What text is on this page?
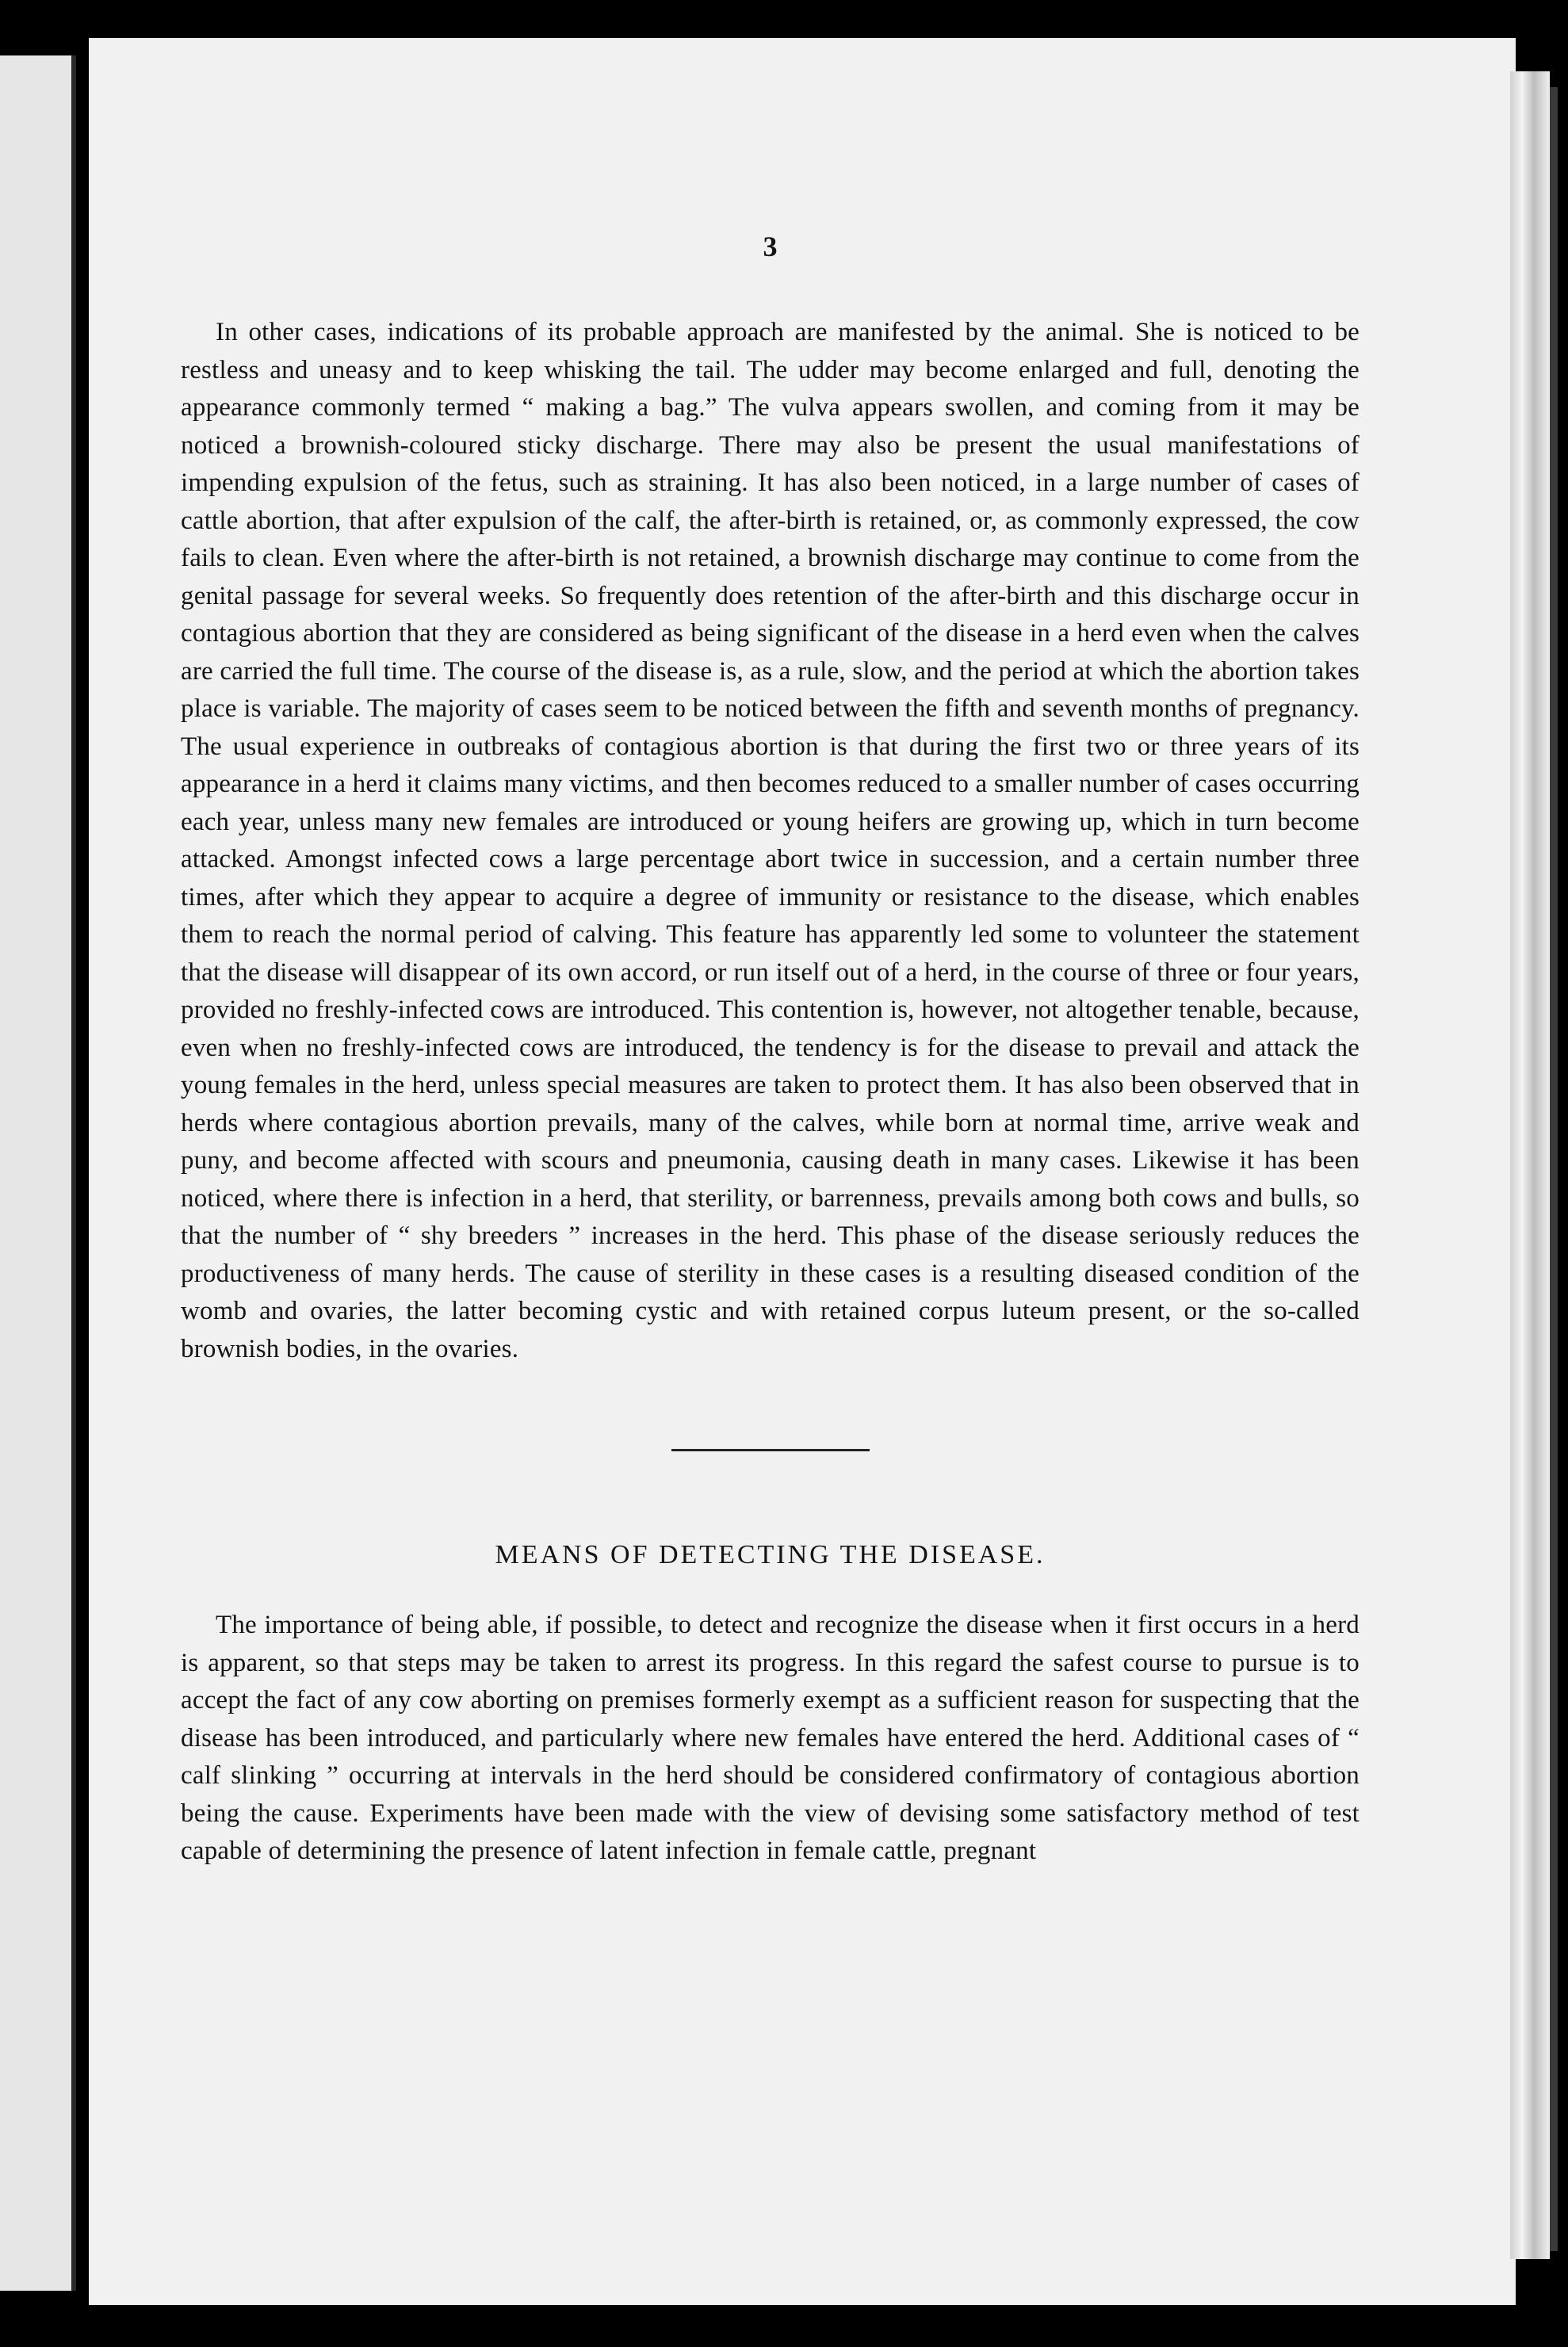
3

In other cases, indications of its probable approach are manifested by the animal. She is noticed to be restless and uneasy and to keep whisking the tail. The udder may become enlarged and full, denoting the appearance commonly termed “ making a bag.” The vulva appears swollen, and coming from it may be noticed a brownish-coloured sticky discharge. There may also be present the usual manifestations of impending expulsion of the fetus, such as straining. It has also been noticed, in a large number of cases of cattle abortion, that after expulsion of the calf, the after-birth is retained, or, as commonly expressed, the cow fails to clean. Even where the after-birth is not retained, a brownish discharge may continue to come from the genital passage for several weeks. So frequently does retention of the after-birth and this discharge occur in contagious abortion that they are considered as being significant of the disease in a herd even when the calves are carried the full time. The course of the disease is, as a rule, slow, and the period at which the abortion takes place is variable. The majority of cases seem to be noticed between the fifth and seventh months of pregnancy. The usual experience in outbreaks of contagious abortion is that during the first two or three years of its appearance in a herd it claims many victims, and then becomes reduced to a smaller number of cases occurring each year, unless many new females are introduced or young heifers are growing up, which in turn become attacked. Amongst infected cows a large percentage abort twice in succession, and a certain number three times, after which they appear to acquire a degree of immunity or resistance to the disease, which enables them to reach the normal period of calving. This feature has apparently led some to volunteer the statement that the disease will disappear of its own accord, or run itself out of a herd, in the course of three or four years, provided no freshly-infected cows are introduced. This contention is, however, not altogether tenable, because, even when no freshly-infected cows are introduced, the tendency is for the disease to prevail and attack the young females in the herd, unless special measures are taken to protect them. It has also been observed that in herds where contagious abortion prevails, many of the calves, while born at normal time, arrive weak and puny, and become affected with scours and pneumonia, causing death in many cases. Likewise it has been noticed, where there is infection in a herd, that sterility, or barrenness, prevails among both cows and bulls, so that the number of “ shy breeders ” increases in the herd. This phase of the disease seriously reduces the productiveness of many herds. The cause of sterility in these cases is a resulting diseased condition of the womb and ovaries, the latter becoming cystic and with retained corpus luteum present, or the so-called brownish bodies, in the ovaries.

MEANS OF DETECTING THE DISEASE.

The importance of being able, if possible, to detect and recognize the disease when it first occurs in a herd is apparent, so that steps may be taken to arrest its progress. In this regard the safest course to pursue is to accept the fact of any cow aborting on premises formerly exempt as a sufficient reason for suspecting that the disease has been introduced, and particularly where new females have entered the herd. Additional cases of “ calf slinking ” occurring at intervals in the herd should be considered confirmatory of contagious abortion being the cause. Experiments have been made with the view of devising some satisfactory method of test capable of determining the presence of latent infection in female cattle, pregnant
